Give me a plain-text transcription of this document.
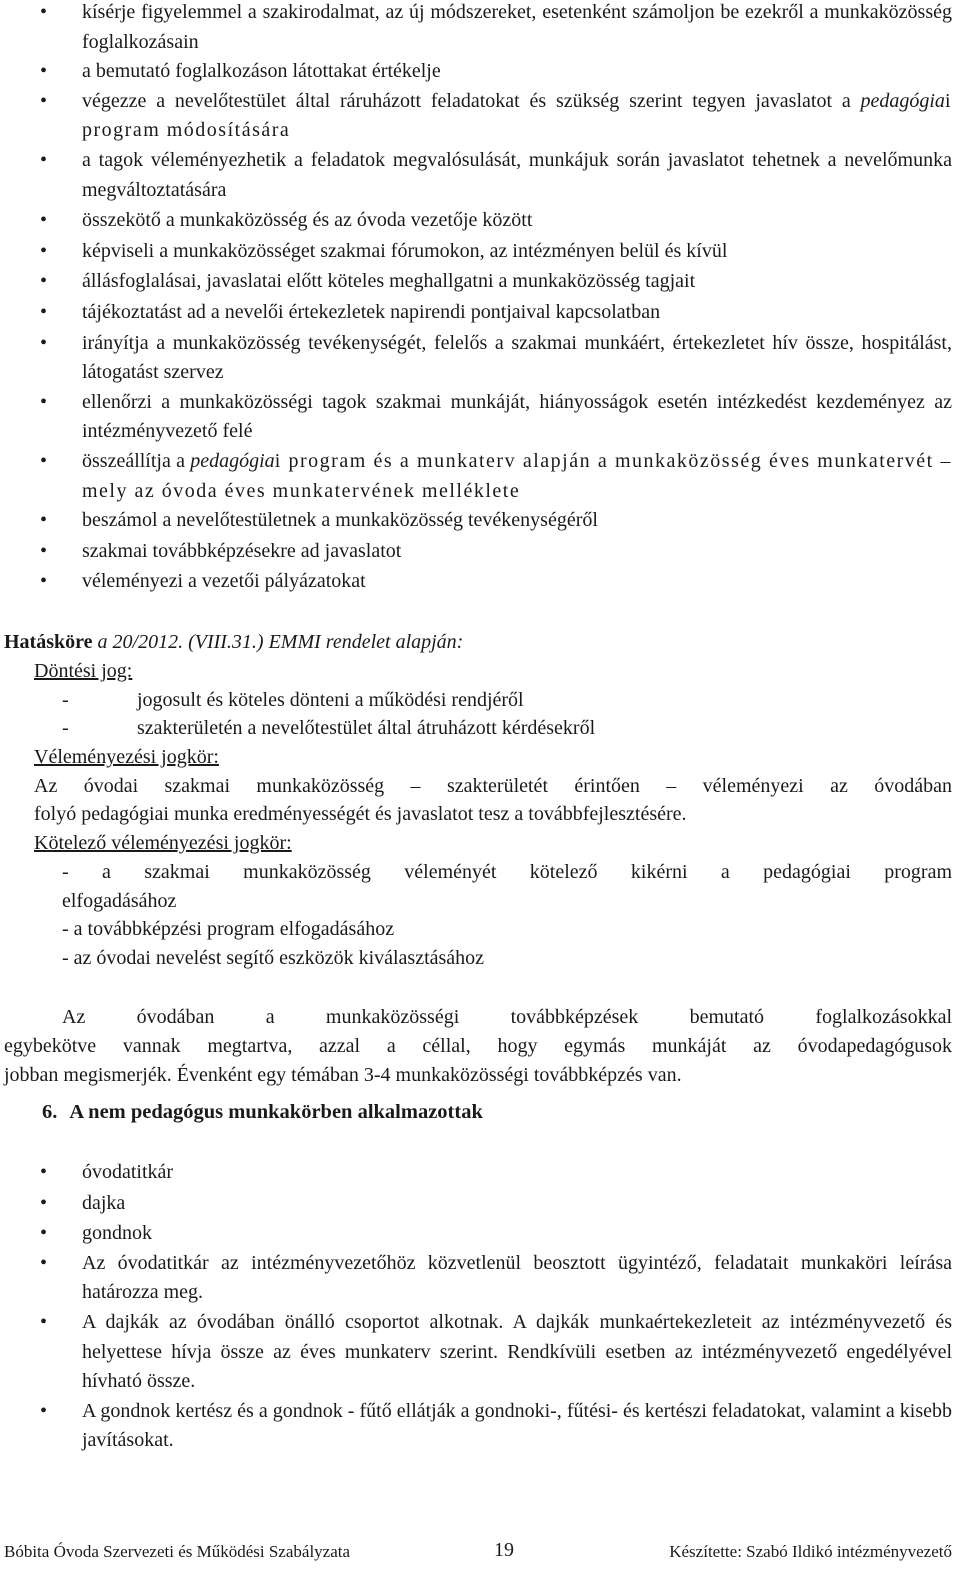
• kísérje figyelemmel a szakirodalmat, az új módszereket, esetenként számoljon be ezekről a munkaközösség foglalkozásain
• a bemutató foglalkozáson látottakat értékelje
• végezze a nevelőtestület által ráruházott feladatokat és szükség szerint tegyen javaslatot a pedagógiai program módosítására
• a tagok véleményezhetik a feladatok megvalósulását, munkájuk során javaslatot tehetnek a nevelőmunka megváltoztatására
• összekötő a munkaközösség és az óvoda vezetője között
• képviseli a munkaközösséget szakmai fórumokon, az intézményen belül és kívül
• állásfoglalásai, javaslatai előtt köteles meghallgatni a munkaközösség tagjait
• tájékoztatást ad a nevelői értekezletek napirendi pontjaival kapcsolatban
• irányítja a munkaközösség tevékenységét, felelős a szakmai munkáért, értekezletet hív össze, hospitálást, látogatást szervez
• ellenőrzi a munkaközösségi tagok szakmai munkáját, hiányosságok esetén intézkedést kezdeményez az intézményvezető felé
• összeállítja a pedagógiai program és a munkaterv alapján a munkaközösség éves munkatervét – mely az óvoda éves munkatervének melléklete
• beszámol a nevelőtestületnek a munkaközösség tevékenységéről
• szakmai továbbképzésekre ad javaslatot
• véleményezi a vezetői pályázatokat
Hatásköre a 20/2012. (VIII.31.) EMMI rendelet alapján:
Döntési jog:
-	jogosult és köteles dönteni a működési rendjéről
-	szakterületén a nevelőtestület által átruházott kérdésekről
Véleményezési jogkör:
Az óvodai szakmai munkaközösség – szakterületét érintően – véleményezi az óvodában
folyó pedagógiai munka eredményességét és javaslatot tesz a továbbfejlesztésére.
Kötelező véleményezési jogkör:
- a szakmai munkaközösség véleményét kötelező kikérni a pedagógiai program
elfogadásához
- a továbbképzési program elfogadásához
- az óvodai nevelést segítő eszközök kiválasztásához
Az óvodában a munkaközösségi továbbképzések bemutató foglalkozásokkal
egybekötve vannak megtartva, azzal a céllal, hogy egymás munkáját az óvodapedagógusok
jobban megismerjék. Évenként egy témában 3-4 munkaközösségi továbbképzés van.
6. A nem pedagógus munkakörben alkalmazottak
• óvodatitkár
• dajka
• gondnok
• Az óvodatitkár az intézményvezetőhöz közvetlenül beosztott ügyintéző, feladatait munkaköri leírása határozza meg.
• A dajkák az óvodában önálló csoportot alkotnak. A dajkák munkaértekezleteit az intézményvezető és helyettese hívja össze az éves munkaterv szerint. Rendkívüli esetben az intézményvezető engedélyével hívható össze.
• A gondnok kertész és a gondnok - fűtő ellátják a gondnoki-, fűtési- és kertészi feladatokat, valamint a kisebb javításokat.
Bóbita Óvoda Szervezeti és Működési Szabályzata	19	Készítette: Szabó Ildikó intézményvezető
